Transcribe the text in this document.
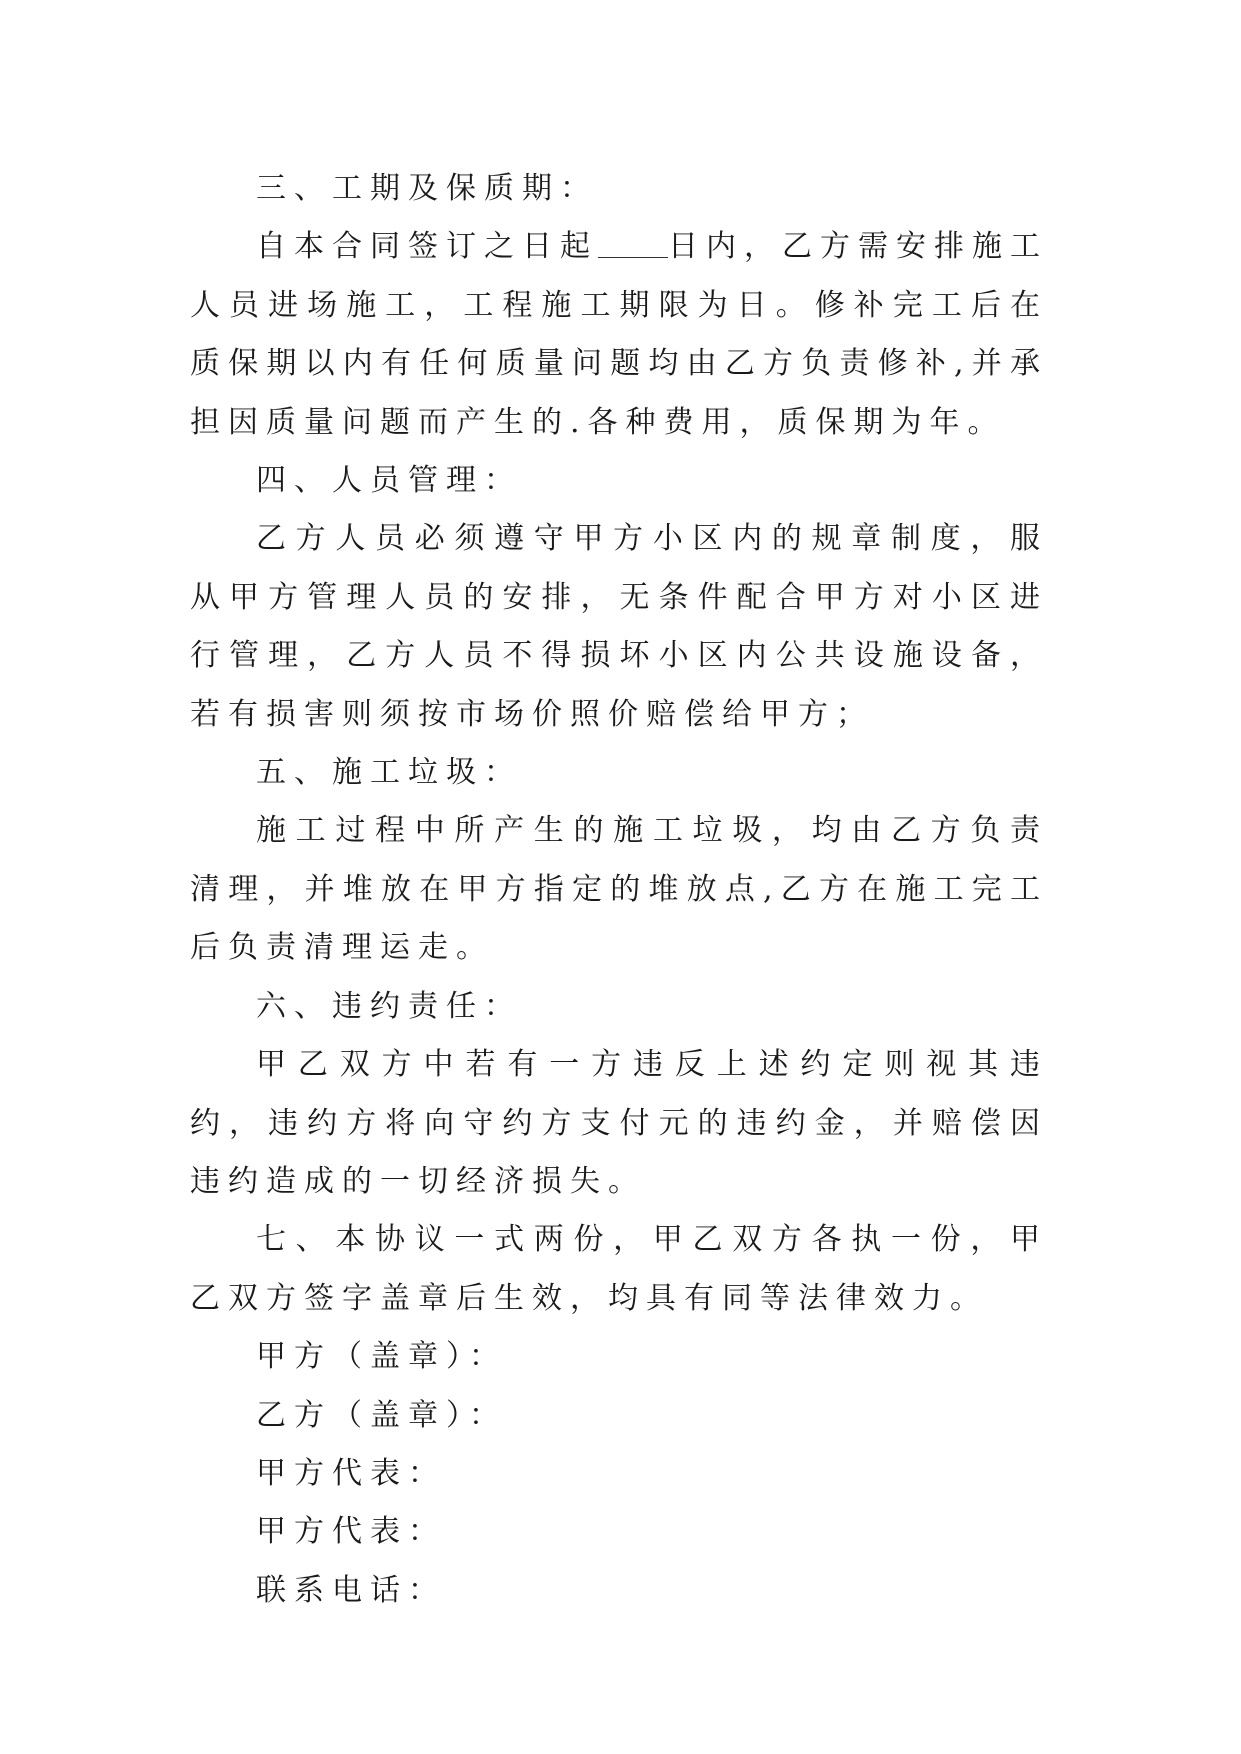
三、工期及保质期：

自本合同签订之日起 日内，乙方需安排施工人员进场施工，工程施工期限为日。修补完工后在质保期以内有任何质量问题均由乙方负责修补,并承担因质量问题而产生的.各种费用，质保期为年。

四、人员管理：

乙方人员必须遵守甲方小区内的规章制度，服从甲方管理人员的安排，无条件配合甲方对小区进行管理，乙方人员不得损坏小区内公共设施设备，若有损害则须按市场价照价赔偿给甲方；

五、施工垃圾：

施工过程中所产生的施工垃圾，均由乙方负责清理，并堆放在甲方指定的堆放点,乙方在施工完工后负责清理运走。

六、违约责任：

甲乙双方中若有一方违反上述约定则视其违约，违约方将向守约方支付元的违约金，并赔偿因违约造成的一切经济损失。

七、本协议一式两份，甲乙双方各执一份，甲乙双方签字盖章后生效，均具有同等法律效力。

甲方（盖章）：

乙方（盖章）：

甲方代表：

甲方代表：

联系电话：
